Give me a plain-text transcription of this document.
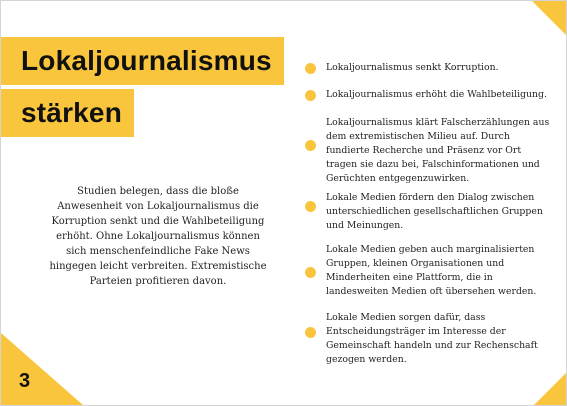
3
Lokaljournalismus
stärken

Studien belegen, dass die bloße Anwesenheit von Lokaljournalismus die Korruption senkt und die Wahlbeteiligung erhöht. Ohne Lokaljournalismus können sich menschenfeindliche Fake News hingegen leicht verbreiten. Extremistische Parteien profitieren davon.

Lokaljournalismus senkt Korruption.

Lokaljournalismus erhöht die Wahlbeteiligung.

Lokaljournalismus klärt Falscherzählungen aus dem extremistischen Milieu auf. Durch fundierte Recherche und Präsenz vor Ort tragen sie dazu bei, Falschinformationen und Gerüchten entgegenzuwirken.

Lokale Medien fördern den Dialog zwischen unterschiedlichen gesellschaftlichen Gruppen und Meinungen.

Lokale Medien geben auch marginalisierten Gruppen, kleinen Organisationen und Minderheiten eine Plattform, die in landesweiten Medien oft übersehen werden.

Lokale Medien sorgen dafür, dass Entscheidungsträger im Interesse der Gemeinschaft handeln und zur Rechenschaft gezogen werden.
